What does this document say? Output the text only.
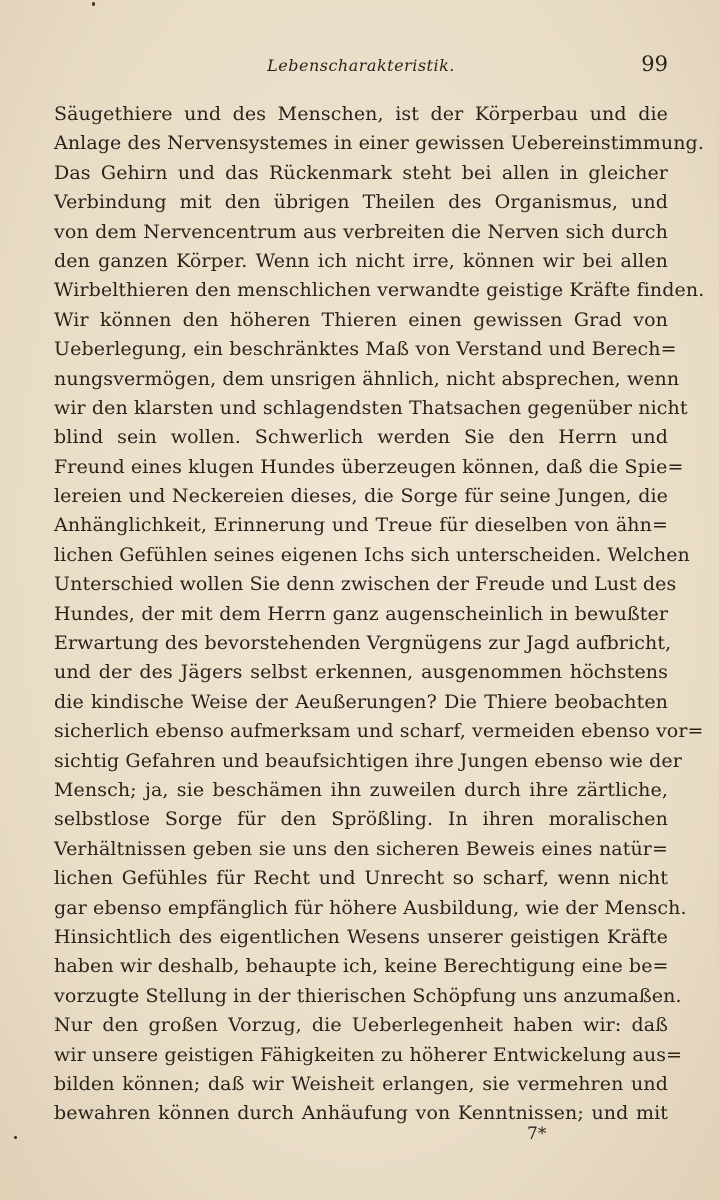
Lebenscharakteristik.	99
Säugethiere und des Menschen, ist der Körperbau und die
Anlage des Nervensystemes in einer gewissen Uebereinstimmung.
Das Gehirn und das Rückenmark steht bei allen in gleicher
Verbindung mit den übrigen Theilen des Organismus, und
von dem Nervencentrum aus verbreiten die Nerven sich durch
den ganzen Körper. Wenn ich nicht irre, können wir bei allen
Wirbelthieren den menschlichen verwandte geistige Kräfte finden.
Wir können den höheren Thieren einen gewissen Grad von
Ueberlegung, ein beschränktes Maß von Verstand und Berech=
nungsvermögen, dem unsrigen ähnlich, nicht absprechen, wenn
wir den klarsten und schlagendsten Thatsachen gegenüber nicht
blind sein wollen. Schwerlich werden Sie den Herrn und
Freund eines klugen Hundes überzeugen können, daß die Spie=
lereien und Neckereien dieses, die Sorge für seine Jungen, die
Anhänglichkeit, Erinnerung und Treue für dieselben von ähn=
lichen Gefühlen seines eigenen Ichs sich unterscheiden. Welchen
Unterschied wollen Sie denn zwischen der Freude und Lust des
Hundes, der mit dem Herrn ganz augenscheinlich in bewußter
Erwartung des bevorstehenden Vergnügens zur Jagd aufbricht,
und der des Jägers selbst erkennen, ausgenommen höchstens
die kindische Weise der Aeußerungen? Die Thiere beobachten
sicherlich ebenso aufmerksam und scharf, vermeiden ebenso vor=
sichtig Gefahren und beaufsichtigen ihre Jungen ebenso wie der
Mensch; ja, sie beschämen ihn zuweilen durch ihre zärtliche,
selbstlose Sorge für den Sprößling. In ihren moralischen
Verhältnissen geben sie uns den sicheren Beweis eines natür=
lichen Gefühles für Recht und Unrecht so scharf, wenn nicht
gar ebenso empfänglich für höhere Ausbildung, wie der Mensch.
Hinsichtlich des eigentlichen Wesens unserer geistigen Kräfte
haben wir deshalb, behaupte ich, keine Berechtigung eine be=
vorzugte Stellung in der thierischen Schöpfung uns anzumaßen.
Nur den großen Vorzug, die Ueberlegenheit haben wir: daß
wir unsere geistigen Fähigkeiten zu höherer Entwickelung aus=
bilden können; daß wir Weisheit erlangen, sie vermehren und
bewahren können durch Anhäufung von Kenntnissen; und mit
7*
